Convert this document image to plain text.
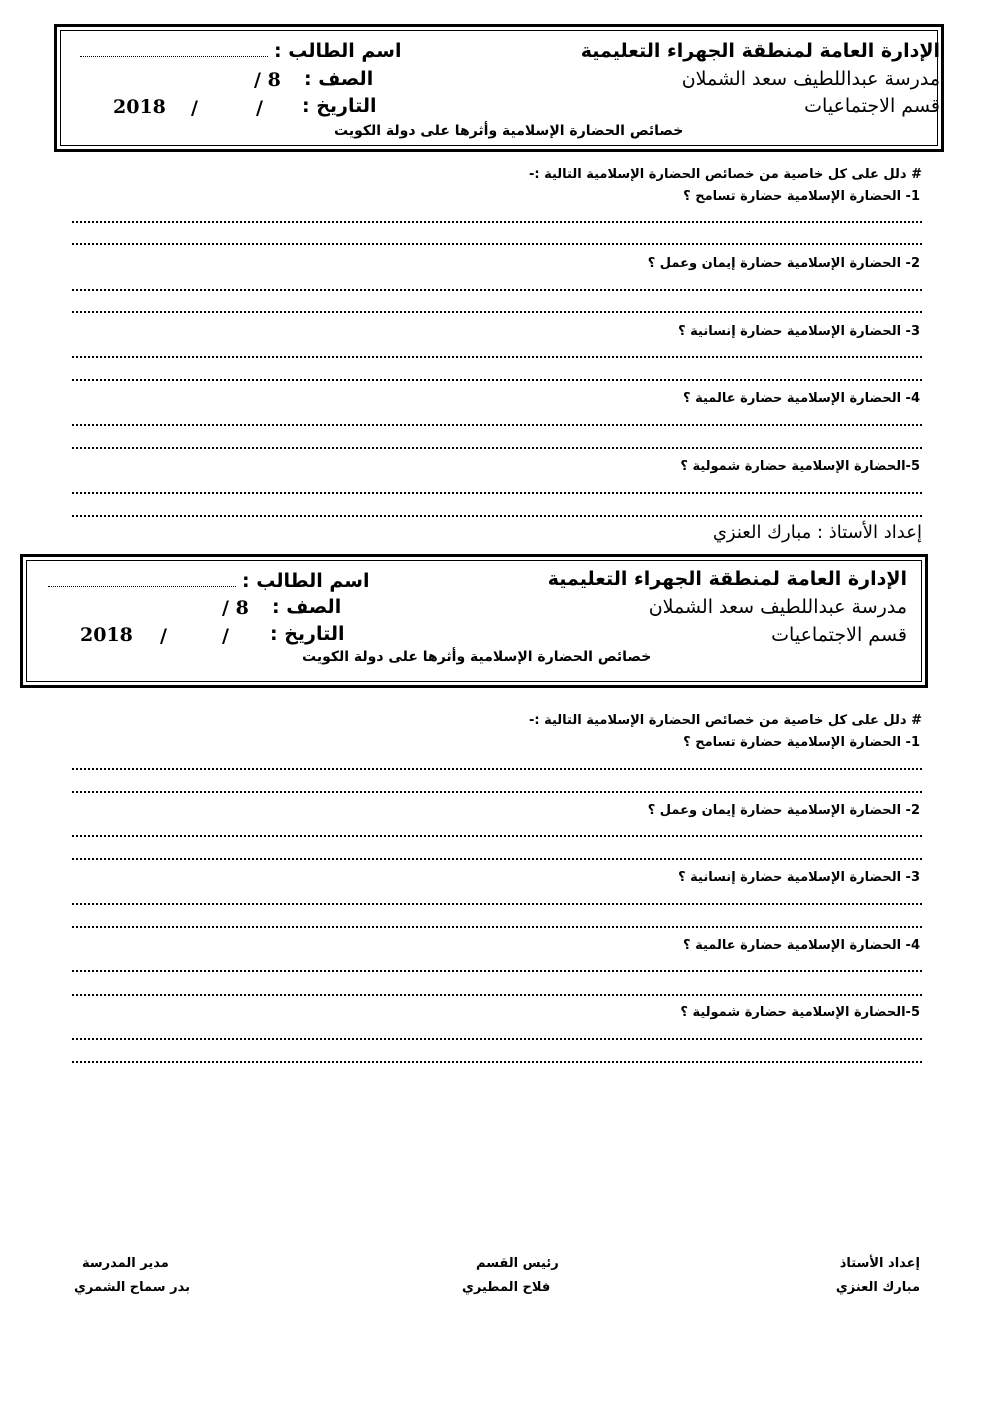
الإدارة العامة لمنطقة الجهراء التعليمية
مدرسة عبداللطيف سعد الشملان
قسم الاجتماعيات
اسم الطالب :
الصف :
8 /
التاريخ :
/
/
2018
خصائص الحضارة الإسلامية وأثرها على دولة الكويت
# دلل على كل خاصية من خصائص الحضارة الإسلامية التالية :-
1- الحضارة الإسلامية حضارة تسامح ؟
2- الحضارة الإسلامية حضارة إيمان وعمل ؟
3- الحضارة الإسلامية حضارة إنسانية ؟
4- الحضارة الإسلامية حضارة عالمية ؟
5-الحضارة الإسلامية حضارة شمولية ؟
إعداد الأستاذ : مبارك العنزي
الإدارة العامة لمنطقة الجهراء التعليمية
مدرسة عبداللطيف سعد الشملان
قسم الاجتماعيات
اسم الطالب :
الصف :
8 /
التاريخ :
/
/
2018
خصائص الحضارة الإسلامية وأثرها على دولة الكويت
# دلل على كل خاصية من خصائص الحضارة الإسلامية التالية :-
1- الحضارة الإسلامية حضارة تسامح ؟
2- الحضارة الإسلامية حضارة إيمان وعمل ؟
3- الحضارة الإسلامية حضارة إنسانية ؟
4- الحضارة الإسلامية حضارة عالمية ؟
5-الحضارة الإسلامية حضارة شمولية ؟
إعداد الأستاذ
مبارك العنزي
رئيس القسم
فلاح المطيري
مدير المدرسة
بدر سماح الشمري
